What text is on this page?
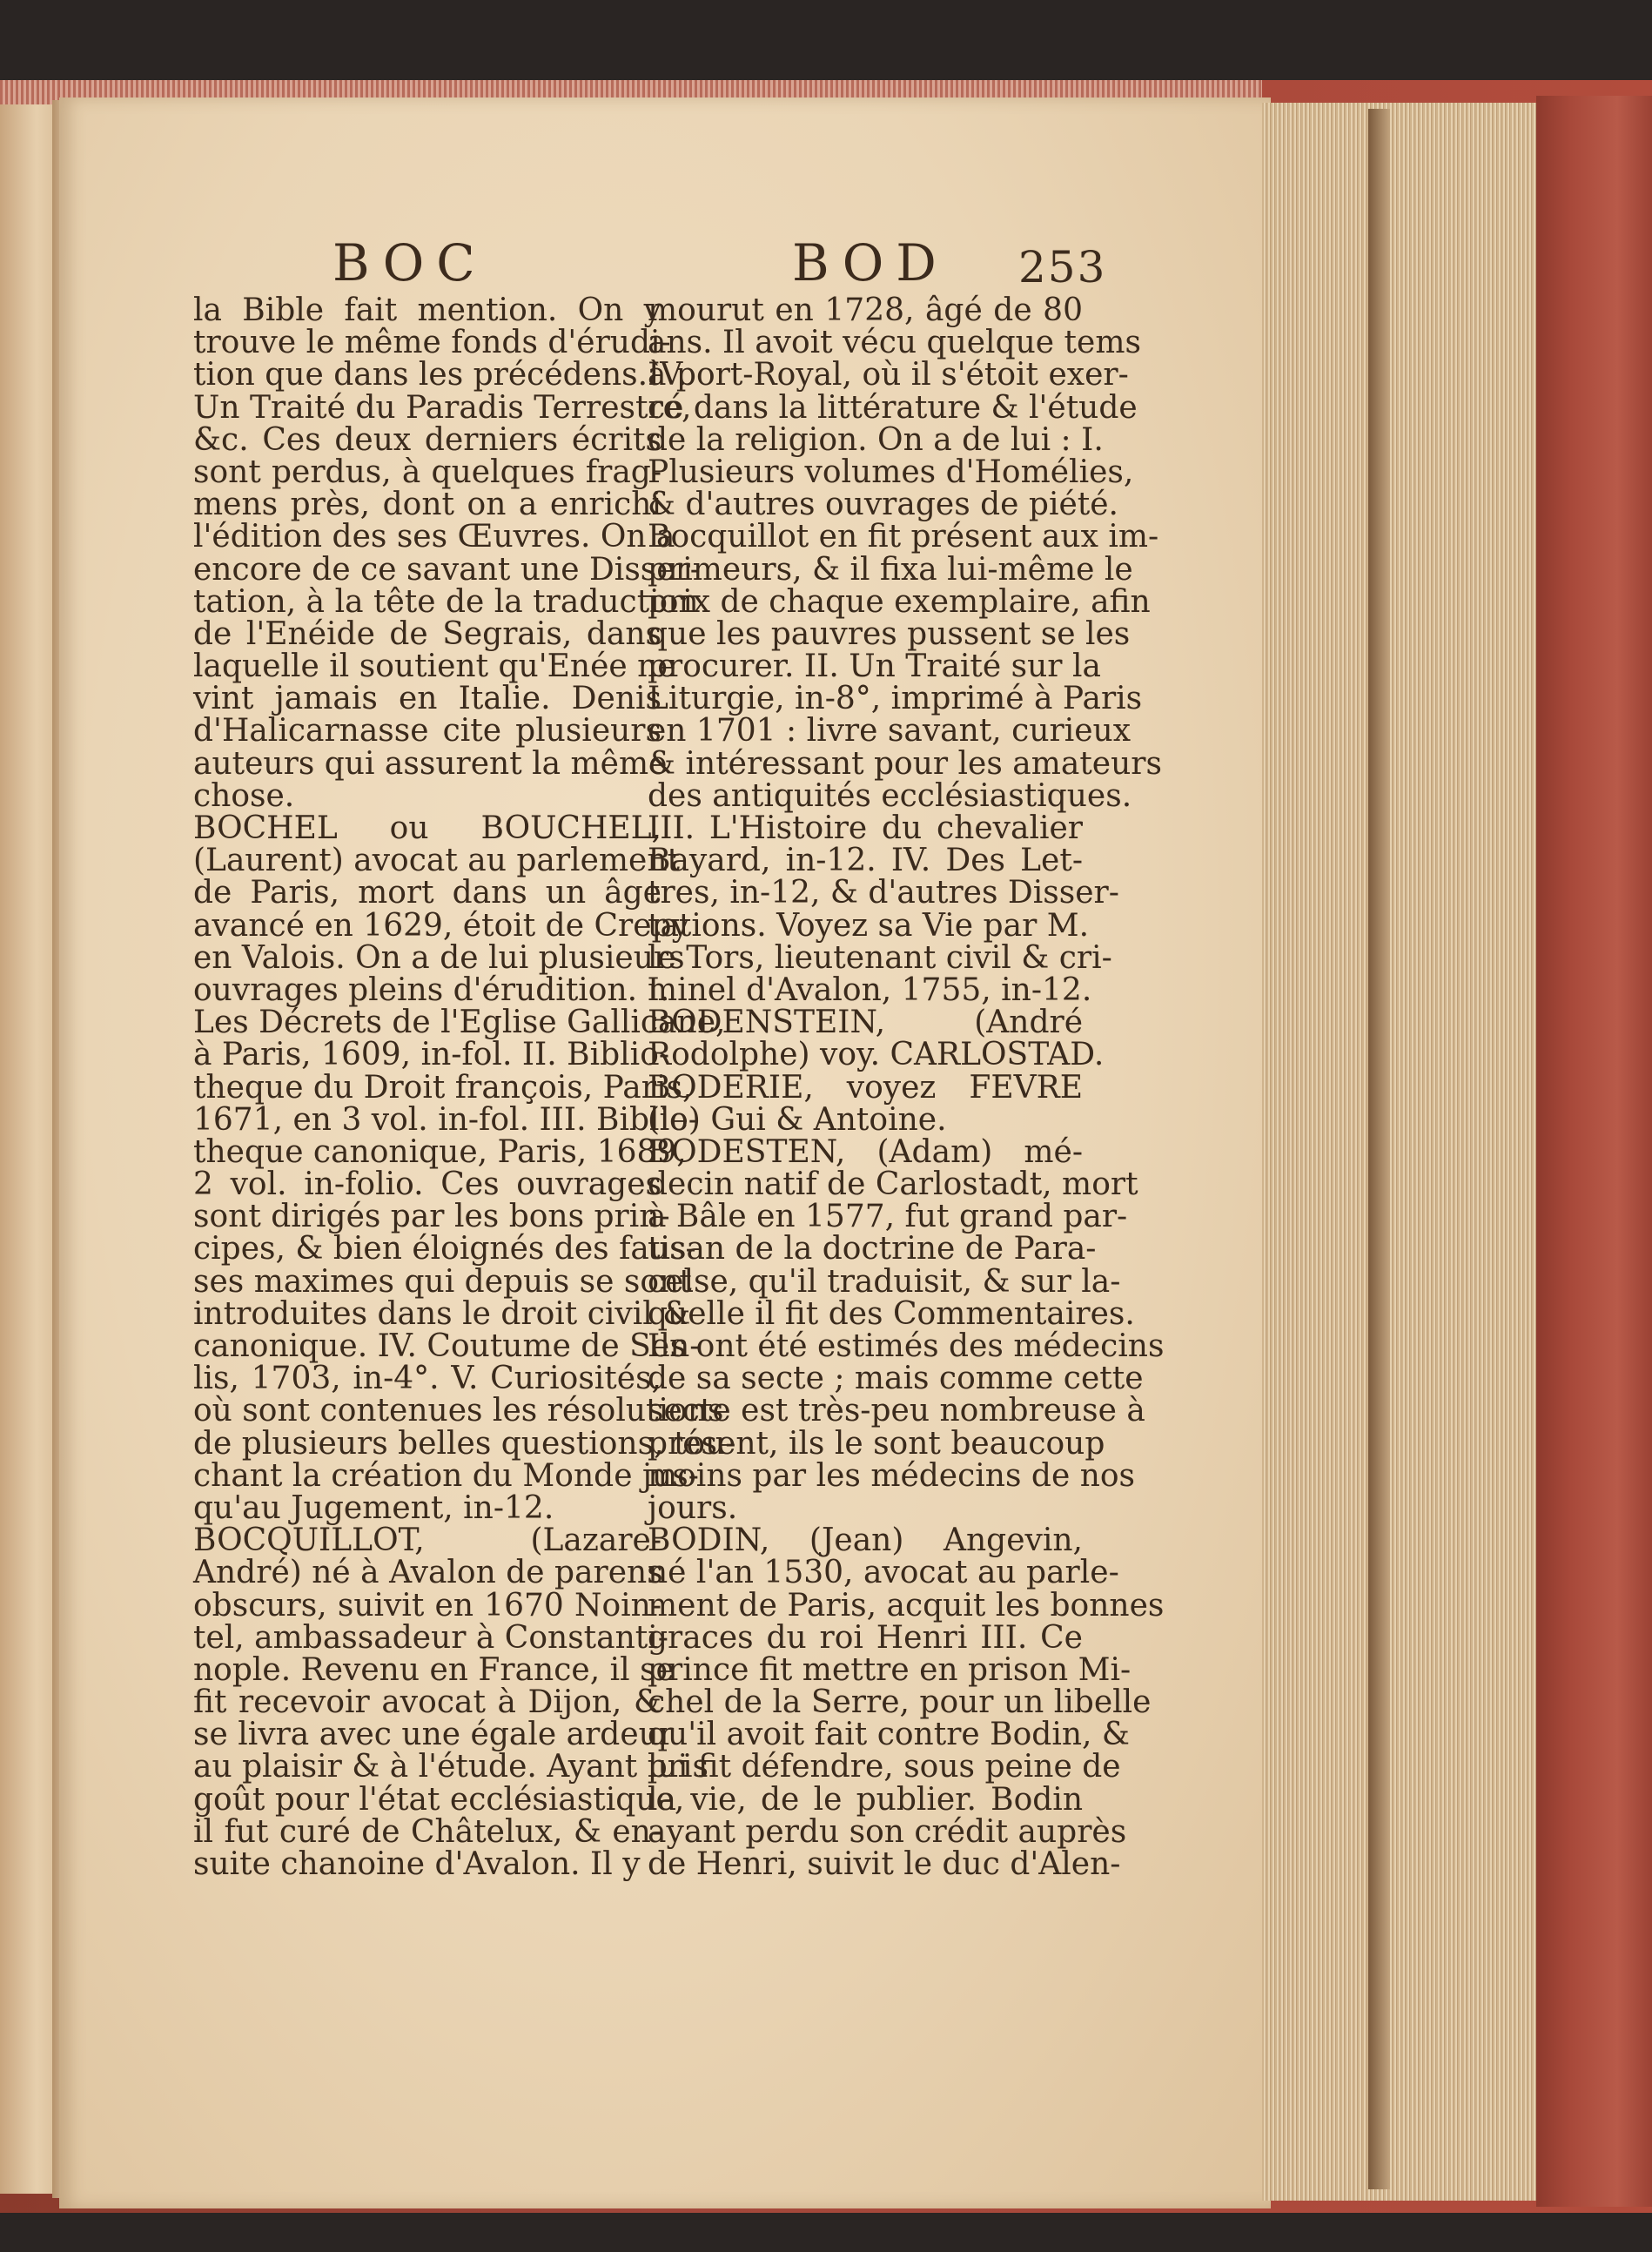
BOC	BOD 253
la Bible fait mention. On y
trouve le même fonds d'érudi-
tion que dans les précédens.IV.
Un Traité du Paradis Terrestre,
&c. Ces deux derniers écrits
sont perdus, à quelques frag-
mens près, dont on a enrichi
l'édition des ses Œuvres. On a
encore de ce savant une Disser-
tation, à la tête de la traduction
de l'Enéide de Segrais, dans
laquelle il soutient qu'Enée ne
vint jamais en Italie. Denis
d'Halicarnasse cite plusieurs
auteurs qui assurent la même
chose.
BOCHEL ou BOUCHEL,
(Laurent) avocat au parlement
de Paris, mort dans un âge
avancé en 1629, étoit de Crepy
en Valois. On a de lui plusieurs
ouvrages pleins d'érudition. I.
Les Décrets de l'Eglise Gallicane,
à Paris, 1609, in-fol. II. Biblio-
theque du Droit françois, Paris,
1671, en 3 vol. in-fol. III. Biblio-
theque canonique, Paris, 1689,
2 vol. in-folio. Ces ouvrages
sont dirigés par les bons prin-
cipes, & bien éloignés des faus-
ses maximes qui depuis se sont
introduites dans le droit civil &
canonique. IV. Coutume de Sen-
lis, 1703, in-4°. V. Curiosités,
où sont contenues les résolutions
de plusieurs belles questions, tou-
chant la création du Monde jus-
qu'au Jugement, in-12.
BOCQUILLOT, (Lazare-
André) né à Avalon de parens
obscurs, suivit en 1670 Noin-
tel, ambassadeur à Constanti-
nople. Revenu en France, il se
fit recevoir avocat à Dijon, &
se livra avec une égale ardeur
au plaisir & à l'étude. Ayant pris
goût pour l'état ecclésiastique,
il fut curé de Châtelux, & en-
suite chanoine d'Avalon. Il y
mourut en 1728, âgé de 80
ans. Il avoit vécu quelque tems
à port-Royal, où il s'étoit exer-
cé dans la littérature & l'étude
de la religion. On a de lui : I.
Plusieurs volumes d'Homélies,
& d'autres ouvrages de piété.
Bocquillot en fit présent aux im-
primeurs, & il fixa lui-même le
prix de chaque exemplaire, afin
que les pauvres pussent se les
procurer. II. Un Traité sur la
Liturgie, in-8°, imprimé à Paris
en 1701 : livre savant, curieux
& intéressant pour les amateurs
des antiquités ecclésiastiques.
III. L'Histoire du chevalier
Bayard, in-12. IV. Des Let-
tres, in-12, & d'autres Disser-
tations. Voyez sa Vie par M.
le Tors, lieutenant civil & cri-
minel d'Avalon, 1755, in-12.
BODENSTEIN, (André
Rodolphe) voy. CARLOSTAD.
BODERIE, voyez FEVRE
(le) Gui & Antoine.
BODESTEN, (Adam) mé-
decin natif de Carlostadt, mort
à Bâle en 1577, fut grand par-
tisan de la doctrine de Para-
celse, qu'il traduisit, & sur la-
quelle il fit des Commentaires.
Ils ont été estimés des médecins
de sa secte ; mais comme cette
secte est très-peu nombreuse à
présent, ils le sont beaucoup
moins par les médecins de nos
jours.
BODIN, (Jean) Angevin,
né l'an 1530, avocat au parle-
ment de Paris, acquit les bonnes
graces du roi Henri III. Ce
prince fit mettre en prison Mi-
chel de la Serre, pour un libelle
qu'il avoit fait contre Bodin, &
lui fit défendre, sous peine de
la vie, de le publier. Bodin
ayant perdu son crédit auprès
de Henri, suivit le duc d'Alen-
